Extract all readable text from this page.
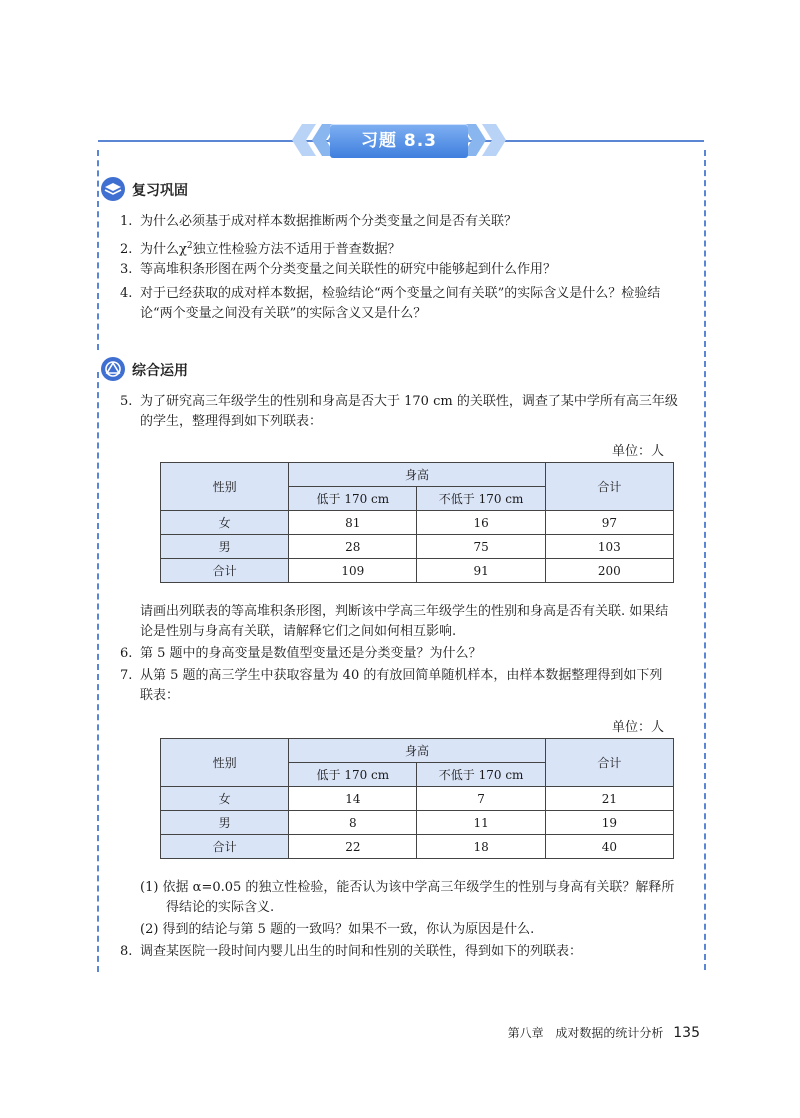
习题 8.3
复习巩固
1. 为什么必须基于成对样本数据推断两个分类变量之间是否有关联？
2. 为什么$\chi^2$独立性检验方法不适用于普查数据？
3. 等高堆积条形图在两个分类变量之间关联性的研究中能够起到什么作用？
4. 对于已经获取的成对样本数据，检验结论“两个变量之间有关联”的实际含义是什么？检验结
论“两个变量之间没有关联”的实际含义又是什么？
综合运用
5. 为了研究高三年级学生的性别和身高是否大于 170 cm 的关联性，调查了某中学所有高三年级
的学生，整理得到如下列联表：
单位：人
性别	身高		合计
	低于 170 cm	不低于 170 cm	
女	81	16	97
男	28	75	103
合计	109	91	200
请画出列联表的等高堆积条形图，判断该中学高三年级学生的性别和身高是否有关联. 如果结
论是性别与身高有关联，请解释它们之间如何相互影响.
6. 第 5 题中的身高变量是数值型变量还是分类变量？为什么？
7. 从第 5 题的高三学生中获取容量为 40 的有放回简单随机样本，由样本数据整理得到如下列
联表：
单位：人
性别	身高		合计
	低于 170 cm	不低于 170 cm	
女	14	7	21
男	8	11	19
合计	22	18	40
(1) 依据 α=0.05 的独立性检验，能否认为该中学高三年级学生的性别与身高有关联？解释所
得结论的实际含义.
(2) 得到的结论与第 5 题的一致吗？如果不一致，你认为原因是什么.
8. 调查某医院一段时间内婴儿出生的时间和性别的关联性，得到如下的列联表：
第八章 成对数据的统计分析 135
